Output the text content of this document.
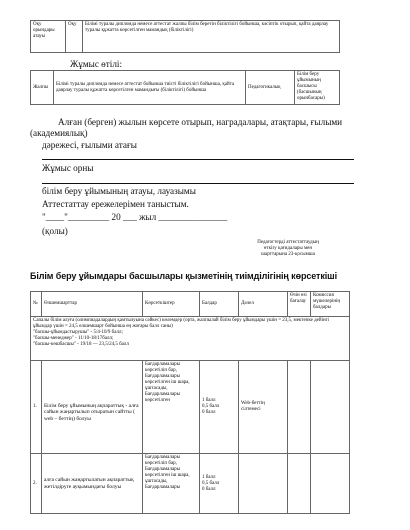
Оқу орындары атауы	Оқу	Білімі туралы дипломда немесе аттестат жалпы білім беретін біліктілігі бойынша, кәсіптік отырып, қайта даярлау туралы құжатта көрсетілген мамандық (біліктілігі)
Жұмыс өтілі:
Жалпы	Білімі туралы дипломда немесе аттестат бойынша тиісті біліктілігі бойынша, қайта даярлау туралы құжатта көрсетілген мамандығы (біліктілігі) бойынша	Педагогикалық	Білім беру ұйымының басшысы (басшының орынбасары)
Алған (берген) жылын көрсете отырып, наградалары, атақтары, ғылыми (академиялық)
дәрежесі, ғылыми атағы
Жұмыс орны
білім беру ұйымының атауы, лауазымы
Аттестаттау ережелерімен таныстым.
"____"_________ 20 ___ жыл _______________
(қолы)
Педагогтерді аттестаттаудың
өткізу қағидалары мен
шарттарына 23-қосымша
Білім беру ұйымдары басшылары қызметінің тиімділігінің көрсеткіші
№	Өлшемшарттар	Көрсеткіштер	Балдар	Дәлел	Өзін өзі бағалау	Комиссия мүшелерінің балдары

Сапалы білім алуға (олимпиадалардың қамтылуына сәйкес) көлемдер (орта, жалпылай білім беру ұйымдары үшін = 23,5, мектепке дейінгі ұйымдар үшін = 24,5 өлшемшарт бойынша ең жоғары балл саны)
"басшы-ұйымдастырушы" - 5/4-10/9 балл;
"басшы-менеджер" - 11/10-18/17балл;
"басшы-көшбасшы" - 19/18 — 23,5/24,5 балл						

1.	Білім беру ұйымының ақпараттық - алға сайын жаңартылып отыратын сайтты ( web – беттің) болуы	Бағдарламалары көрсетіліп бар, Бағдарламалары көрсетілген іш шара, ұштасады, Бағдарламалары көрсетілген	1 балл
0,5 балл
0 балл	Web-беттің сілтемесі		
2.	алға сайын жаңартылатын ақпараттық жетілдіруге ауқымындағы болуы	Бағдарламалары көрсетіліп бар, Бағдарламалары көрсетілген іш шара, ұштасады, Бағдарламалары	1 балл
0,5 балл
0 балл			
